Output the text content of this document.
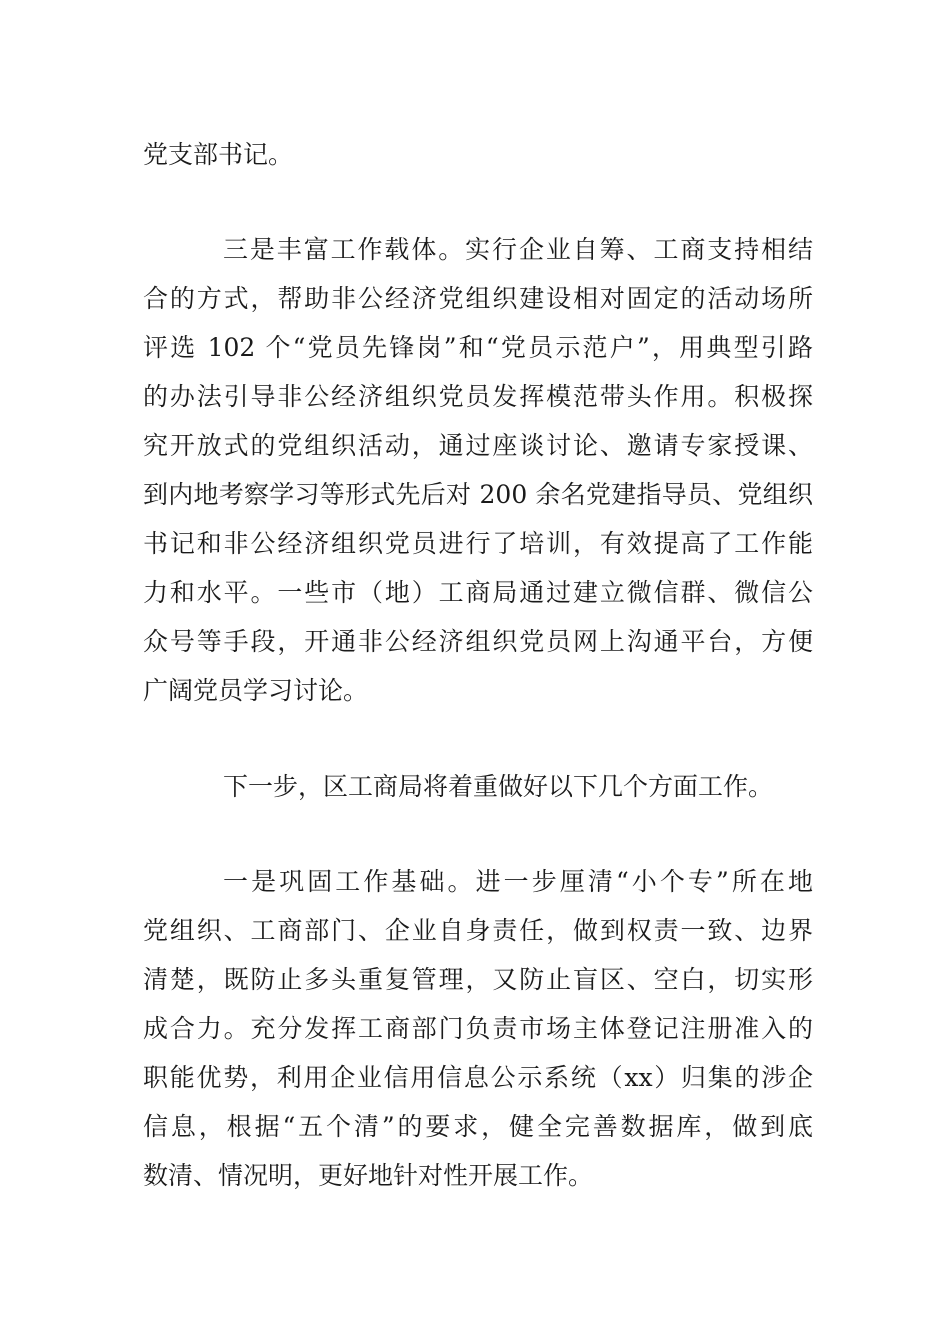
党支部书记。

三是丰富工作载体。实行企业自筹、工商支持相结

合的方式，帮助非公经济党组织建设相对固定的活动场所

评选 102 个“党员先锋岗”和“党员示范户”，用典型引路

的办法引导非公经济组织党员发挥模范带头作用。积极探

究开放式的党组织活动，通过座谈讨论、邀请专家授课、

到内地考察学习等形式先后对 200 余名党建指导员、党组织

书记和非公经济组织党员进行了培训，有效提高了工作能

力和水平。一些市（地）工商局通过建立微信群、微信公

众号等手段，开通非公经济组织党员网上沟通平台，方便

广阔党员学习讨论。

下一步，区工商局将着重做好以下几个方面工作。

一是巩固工作基础。进一步厘清“小个专”所在地

党组织、工商部门、企业自身责任，做到权责一致、边界

清楚，既防止多头重复管理，又防止盲区、空白，切实形

成合力。充分发挥工商部门负责市场主体登记注册准入的

职能优势，利用企业信用信息公示系统（xx）归集的涉企

信息，根据“五个清”的要求，健全完善数据库，做到底

数清、情况明，更好地针对性开展工作。
